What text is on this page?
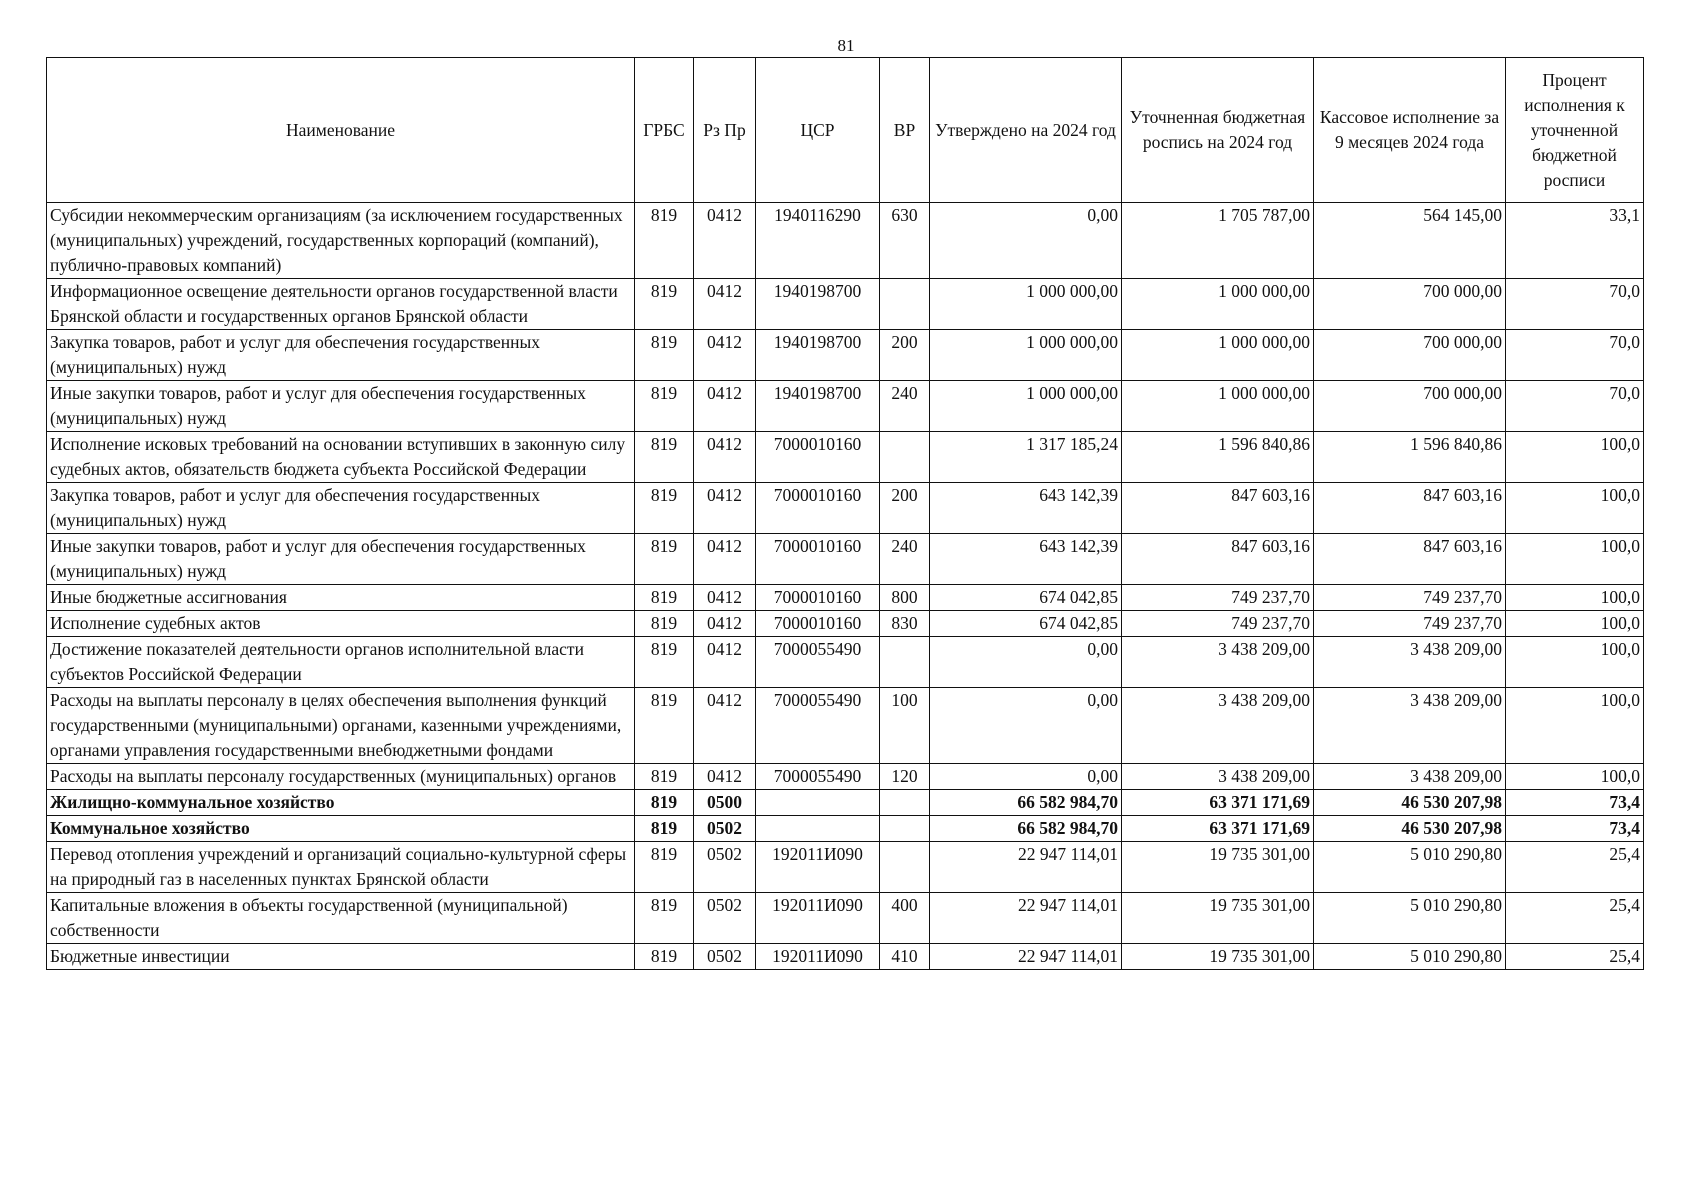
81
Наименование	ГРБС	Рз Пр	ЦСР	ВР	Утверждено на 2024 год	Уточненная бюджетная роспись на 2024 год	Кассовое исполнение за 9 месяцев 2024 года	Процент исполнения к уточненной бюджетной росписи
Субсидии некоммерческим организациям (за исключением государственных (муниципальных) учреждений, государственных корпораций (компаний), публично-правовых компаний)	819	0412	1940116290	630	0,00	1 705 787,00	564 145,00	33,1
Информационное освещение деятельности органов государственной власти Брянской области и государственных органов Брянской области	819	0412	1940198700		1 000 000,00	1 000 000,00	700 000,00	70,0
Закупка товаров, работ и услуг для обеспечения государственных (муниципальных) нужд	819	0412	1940198700	200	1 000 000,00	1 000 000,00	700 000,00	70,0
Иные закупки товаров, работ и услуг для обеспечения государственных (муниципальных) нужд	819	0412	1940198700	240	1 000 000,00	1 000 000,00	700 000,00	70,0
Исполнение исковых требований на основании вступивших в законную силу судебных актов, обязательств бюджета субъекта Российской Федерации	819	0412	7000010160		1 317 185,24	1 596 840,86	1 596 840,86	100,0
Закупка товаров, работ и услуг для обеспечения государственных (муниципальных) нужд	819	0412	7000010160	200	643 142,39	847 603,16	847 603,16	100,0
Иные закупки товаров, работ и услуг для обеспечения государственных (муниципальных) нужд	819	0412	7000010160	240	643 142,39	847 603,16	847 603,16	100,0
Иные бюджетные ассигнования	819	0412	7000010160	800	674 042,85	749 237,70	749 237,70	100,0
Исполнение судебных актов	819	0412	7000010160	830	674 042,85	749 237,70	749 237,70	100,0
Достижение показателей деятельности органов исполнительной власти субъектов Российской Федерации	819	0412	7000055490		0,00	3 438 209,00	3 438 209,00	100,0
Расходы на выплаты персоналу в целях обеспечения выполнения функций государственными (муниципальными) органами, казенными учреждениями, органами управления государственными внебюджетными фондами	819	0412	7000055490	100	0,00	3 438 209,00	3 438 209,00	100,0
Расходы на выплаты персоналу государственных (муниципальных) органов	819	0412	7000055490	120	0,00	3 438 209,00	3 438 209,00	100,0
Жилищно-коммунальное хозяйство	819	0500			66 582 984,70	63 371 171,69	46 530 207,98	73,4
Коммунальное хозяйство	819	0502			66 582 984,70	63 371 171,69	46 530 207,98	73,4
Перевод отопления учреждений и организаций социально-культурной сферы на природный газ в населенных пунктах Брянской области	819	0502	192011И090		22 947 114,01	19 735 301,00	5 010 290,80	25,4
Капитальные вложения в объекты государственной (муниципальной) собственности	819	0502	192011И090	400	22 947 114,01	19 735 301,00	5 010 290,80	25,4
Бюджетные инвестиции	819	0502	192011И090	410	22 947 114,01	19 735 301,00	5 010 290,80	25,4
